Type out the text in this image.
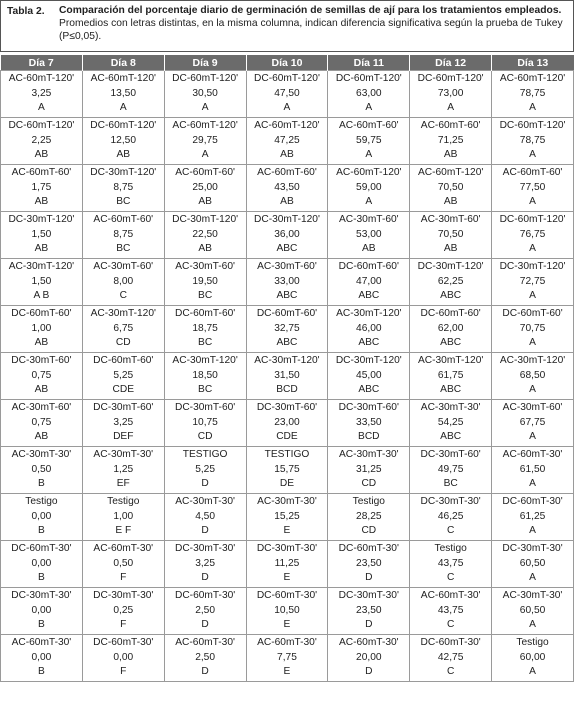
Tabla 2. Comparación del porcentaje diario de germinación de semillas de ají para los tratamientos empleados.
Promedios con letras distintas, en la misma columna, indican diferencia significativa según la prueba de Tukey
(P≤0,05).
Día 7	Día 8	Día 9	Día 10	Día 11	Día 12	Día 13

AC-60mT-120'
3,25
A	AC-60mT-120'
13,50
A	DC-60mT-120'
30,50
A	DC-60mT-120'
47,50
A	DC-60mT-120'
63,00
A	DC-60mT-120'
73,00
A	AC-60mT-120'
78,75
A

DC-60mT-120'
2,25
AB	DC-60mT-120'
12,50
AB	AC-60mT-120'
29,75
A	AC-60mT-120'
47,25
AB	AC-60mT-60'
59,75
A	AC-60mT-60'
71,25
AB	DC-60mT-120'
78,75
A

AC-60mT-60'
1,75
AB	DC-30mT-120'
8,75
BC	AC-60mT-60'
25,00
AB	AC-60mT-60'
43,50
AB	AC-60mT-120'
59,00
A	AC-60mT-120'
70,50
AB	AC-60mT-60'
77,50
A

DC-30mT-120'
1,50
AB	AC-60mT-60'
8,75
BC	DC-30mT-120'
22,50
AB	DC-30mT-120'
36,00
ABC	AC-30mT-60'
53,00
AB	AC-30mT-60'
70,50
AB	DC-60mT-120'
76,75
A

AC-30mT-120'
1,50
A B	AC-30mT-60'
8,00
C	AC-30mT-60'
19,50
BC	AC-30mT-60'
33,00
ABC	DC-60mT-60'
47,00
ABC	DC-30mT-120'
62,25
ABC	DC-30mT-120'
72,75
A

DC-60mT-60'
1,00
AB	AC-30mT-120'
6,75
CD	DC-60mT-60'
18,75
BC	DC-60mT-60'
32,75
ABC	AC-30mT-120'
46,00
ABC	DC-60mT-60'
62,00
ABC	DC-60mT-60'
70,75
A

DC-30mT-60'
0,75
AB	DC-60mT-60'
5,25
CDE	AC-30mT-120'
18,50
BC	AC-30mT-120'
31,50
BCD	DC-30mT-120'
45,00
ABC	AC-30mT-120'
61,75
ABC	AC-30mT-120'
68,50
A

AC-30mT-60'
0,75
AB	DC-30mT-60'
3,25
DEF	DC-30mT-60'
10,75
CD	DC-30mT-60'
23,00
CDE	DC-30mT-60'
33,50
BCD	AC-30mT-30'
54,25
ABC	AC-30mT-60'
67,75
A

AC-30mT-30'
0,50
B	AC-30mT-30'
1,25
EF	TESTIGO
5,25
D	TESTIGO
15,75
DE	AC-30mT-30'
31,25
CD	DC-30mT-60'
49,75
BC	AC-60mT-30'
61,50
A

Testigo
0,00
B	Testigo
1,00
E F	AC-30mT-30'
4,50
D	AC-30mT-30'
15,25
E	Testigo
28,25
CD	DC-30mT-30'
46,25
C	DC-60mT-30'
61,25
A

DC-60mT-30'
0,00
B	AC-60mT-30'
0,50
F	DC-30mT-30'
3,25
D	DC-30mT-30'
11,25
E	DC-60mT-30'
23,50
D	Testigo
43,75
C	DC-30mT-30'
60,50
A

DC-30mT-30'
0,00
B	DC-30mT-30'
0,25
F	DC-60mT-30'
2,50
D	DC-60mT-30'
10,50
E	DC-30mT-30'
23,50
D	AC-60mT-30'
43,75
C	AC-30mT-30'
60,50
A

AC-60mT-30'
0,00
B	DC-60mT-30'
0,00
F	AC-60mT-30'
2,50
D	AC-60mT-30'
7,75
E	AC-60mT-30'
20,00
D	DC-60mT-30'
42,75
C	Testigo
60,00
A
